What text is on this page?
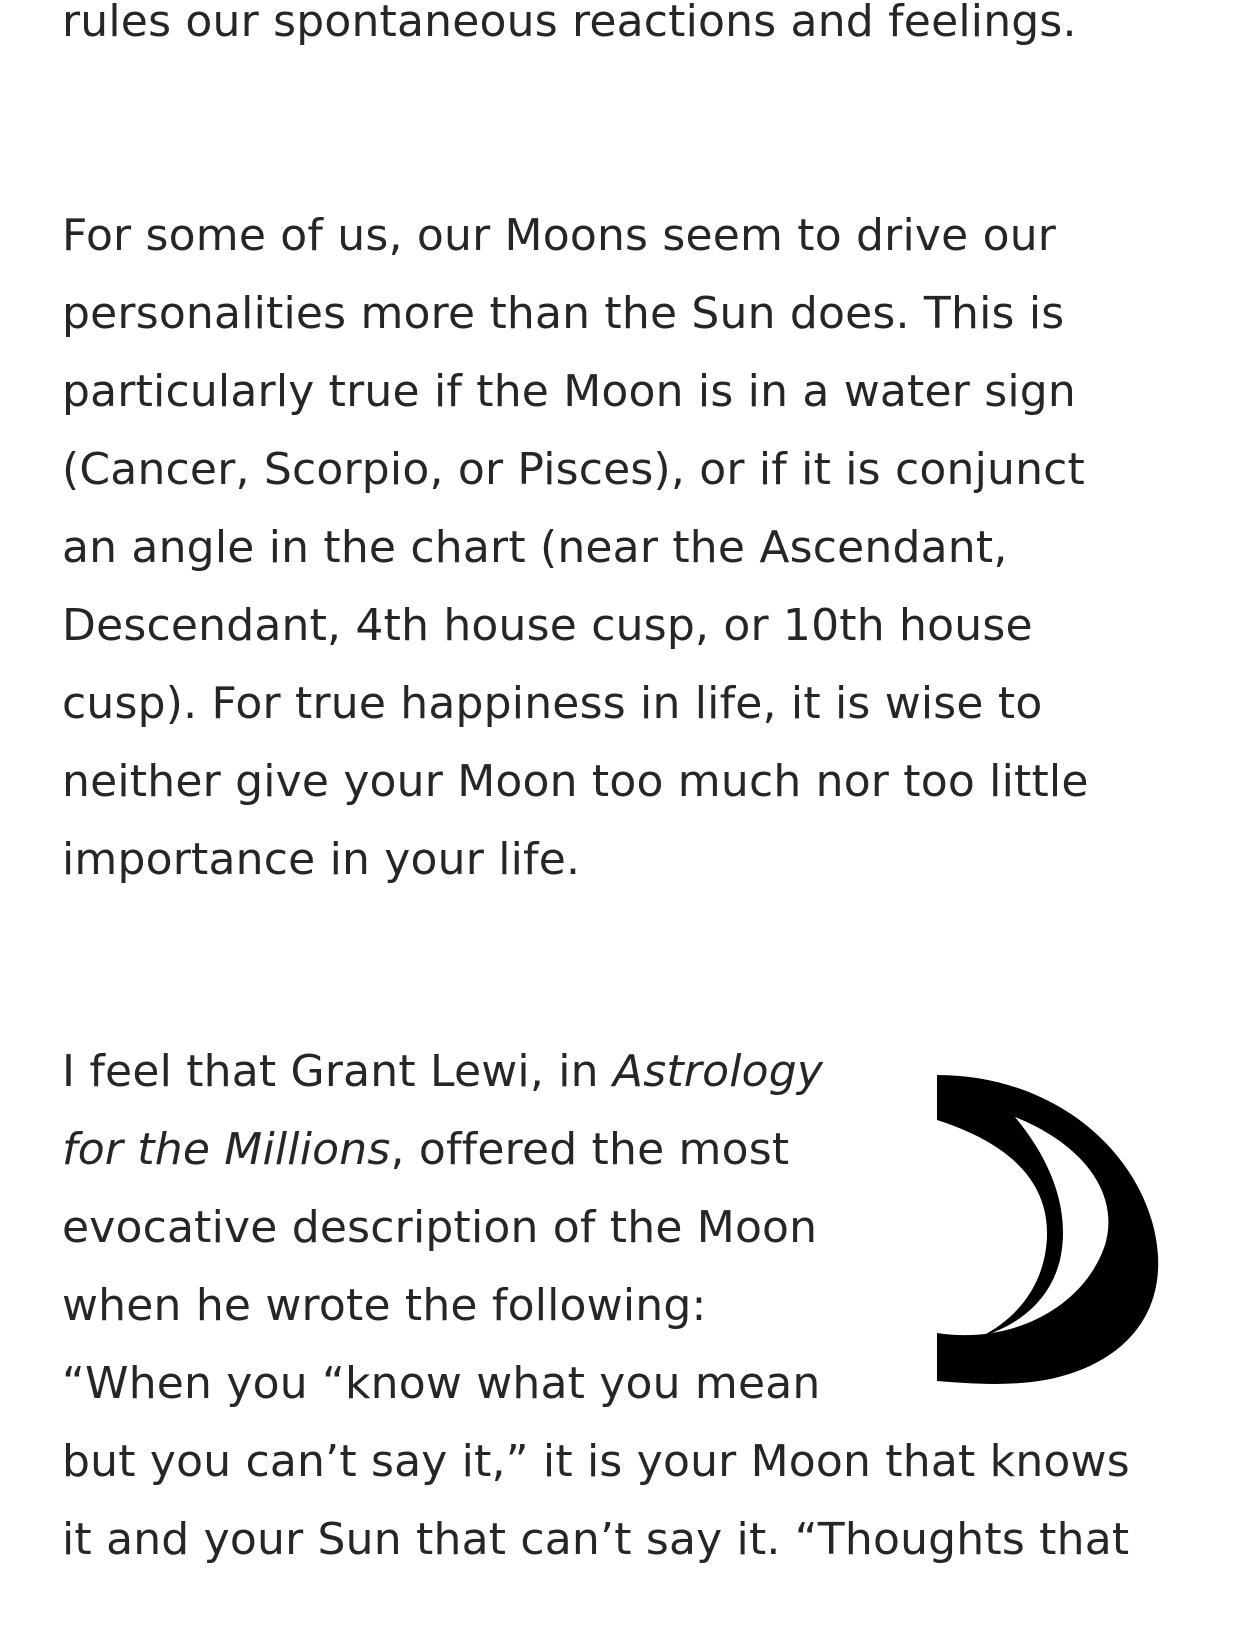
rules our spontaneous reactions and feelings.
For some of us, our Moons seem to drive our
personalities more than the Sun does. This is
particularly true if the Moon is in a water sign
(Cancer, Scorpio, or Pisces), or if it is conjunct
an angle in the chart (near the Ascendant,
Descendant, 4th house cusp, or 10th house
cusp). For true happiness in life, it is wise to
neither give your Moon too much nor too little
importance in your life.
I feel that Grant Lewi, in Astrology
for the Millions, offered the most
evocative description of the Moon
when he wrote the following:
“When you “know what you mean
but you can’t say it,” it is your Moon that knows
it and your Sun that can’t say it. “Thoughts that
